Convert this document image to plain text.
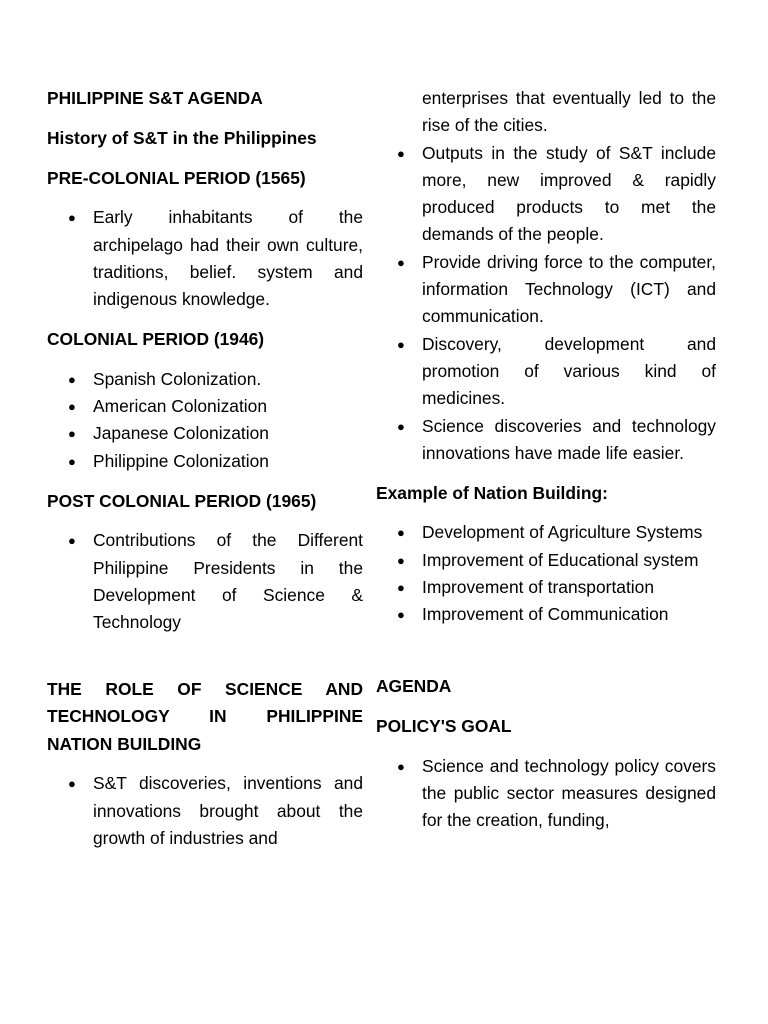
PHILIPPINE S&T AGENDA

History of S&T in the Philippines

PRE-COLONIAL PERIOD (1565)

● Early inhabitants of the archipelago had their own culture, traditions, belief. system and indigenous knowledge.

COLONIAL PERIOD (1946)

● Spanish Colonization.
● American Colonization
● Japanese Colonization
● Philippine Colonization

POST COLONIAL PERIOD (1965)

● Contributions of the Different Philippine Presidents in the Development of Science & Technology

THE ROLE OF SCIENCE AND TECHNOLOGY IN PHILIPPINE NATION BUILDING

● S&T discoveries, inventions and innovations brought about the growth of industries and

enterprises that eventually led to the rise of the cities.

● Outputs in the study of S&T include more, new improved & rapidly produced products to met the demands of the people.
● Provide driving force to the computer, information Technology (ICT) and communication.
● Discovery, development and promotion of various kind of medicines.
● Science discoveries and technology innovations have made life easier.

Example of Nation Building:

● Development of Agriculture Systems
● Improvement of Educational system
● Improvement of transportation
● Improvement of Communication

AGENDA

POLICY'S GOAL

● Science and technology policy covers the public sector measures designed for the creation, funding,
